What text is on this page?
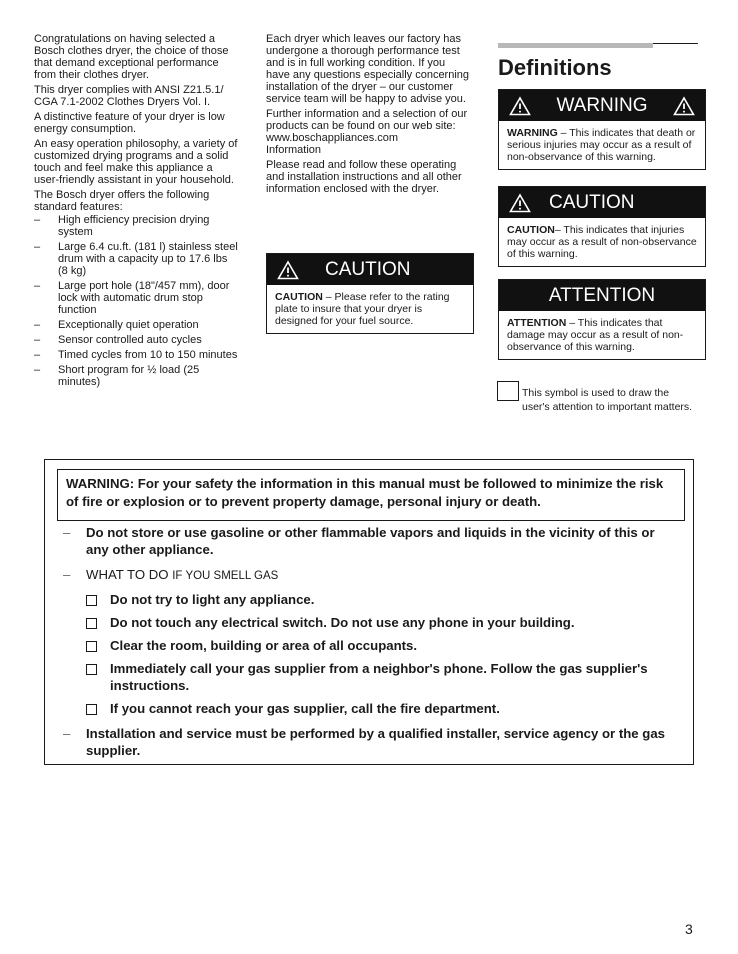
Congratulations on having selected a Bosch clothes dryer, the choice of those that demand exceptional performance from their clothes dryer.

This dryer complies with ANSI Z21.5.1/ CGA 7.1-2002 Clothes Dryers Vol. I.

A distinctive feature of your dryer is low energy consumption.

An easy operation philosophy, a variety of customized drying programs and a solid touch and feel make this appliance a user-friendly assistant in your household.

The Bosch dryer offers the following standard features:

– High efficiency precision drying system
– Large 6.4 cu.ft. (181 l) stainless steel drum with a capacity up to 17.6 lbs (8 kg)
– Large port hole (18"/457 mm), door lock with automatic drum stop function
– Exceptionally quiet operation
– Sensor controlled auto cycles
– Timed cycles from 10 to 150 minutes
– Short program for ½ load (25 minutes)

Each dryer which leaves our factory has undergone a thorough performance test and is in full working condition. If you have any questions especially concerning installation of the dryer – our customer service team will be happy to advise you.

Further information and a selection of our products can be found on our web site:

www.boschappliances.com

Information

Please read and follow these operating and installation instructions and all other information enclosed with the dryer.

CAUTION
CAUTION – Please refer to the rating plate to insure that your dryer is designed for your fuel source.
Definitions
WARNING
WARNING – This indicates that death or serious injuries may occur as a result of non-observance of this warning.
CAUTION
CAUTION– This indicates that injuries may occur as a result of non-observance of this warning.
ATTENTION
ATTENTION – This indicates that damage may occur as a result of non-observance of this warning.
This symbol is used to draw the user's attention to important matters.
WARNING: For your safety the information in this manual must be followed to minimize the risk of fire or explosion or to prevent property damage, personal injury or death.
– Do not store or use gasoline or other flammable vapors and liquids in the vicinity of this or any other appliance.
– WHAT TO DO IF YOU SMELL GAS
Do not try to light any appliance.
Do not touch any electrical switch. Do not use any phone in your building.
Clear the room, building or area of all occupants.
Immediately call your gas supplier from a neighbor's phone. Follow the gas supplier's instructions.
If you cannot reach your gas supplier, call the fire department.
– Installation and service must be performed by a qualified installer, service agency or the gas supplier.
3
